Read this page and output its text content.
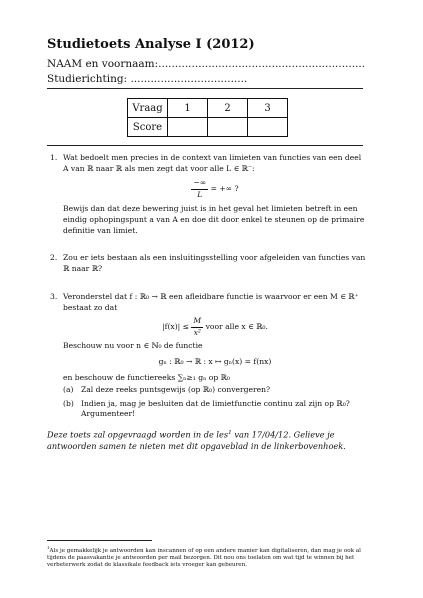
Studietoets Analyse I (2012)
NAAM en voornaam:..............................................................
Studierichting: ...................................
Vraag	1	2	3
Score			
1. Wat bedoelt men precies in de context van limieten van functies van een deel A van ℝ naar ℝ als men zegt dat voor alle L ∈ ℝ⁻:
$\frac{-\infty}{L}$ = +∞ ?
Bewijs dan dat deze bewering juist is in het geval het limieten betreft in een eindig ophopingspunt a van A en doe dit door enkel te steunen op de primaire definitie van limiet.
2. Zou er iets bestaan als een insluitingsstelling voor afgeleiden van functies van ℝ naar ℝ?
3. Veronderstel dat f : ℝ₀ → ℝ een afleidbare functie is waarvoor er een M ∈ ℝ⁺ bestaat zo dat
$|f(x)| \le \frac{M}{\text{x²}}$ voor alle x ∈ ℝ₀.
Beschouw nu voor n ∈ ℕ₀ de functie
gₙ : ℝ₀ → ℝ : x ↦ gₙ(x) = f(nx)
en beschouw de functiereeks ∑ₙ≥₁ gₙ op ℝ₀
(a) Zal deze reeks puntsgewijs (op ℝ₀) convergeren?
(b) Indien ja, mag je besluiten dat de limietfunctie continu zal zijn op ℝ₀? Argumenteer!
Deze toets zal opgevraagd worden in de les$^1$ van 17/04/12. Gelieve je antwoorden samen te nieten met dit opgaveblad in de linkerbovenhoek.
$^1$Als je gemakkelijk je antwoorden kan inscannen of op een andere manier kan digitaliseren, dan mag je ook al tijdens de paasvakantie je antwoorden per mail bezorgen. Dit nou ons toelaten om wat tijd te winnen bij het verbeterwerk zodat de klassikale feedback iets vroeger kan gebeuren.
